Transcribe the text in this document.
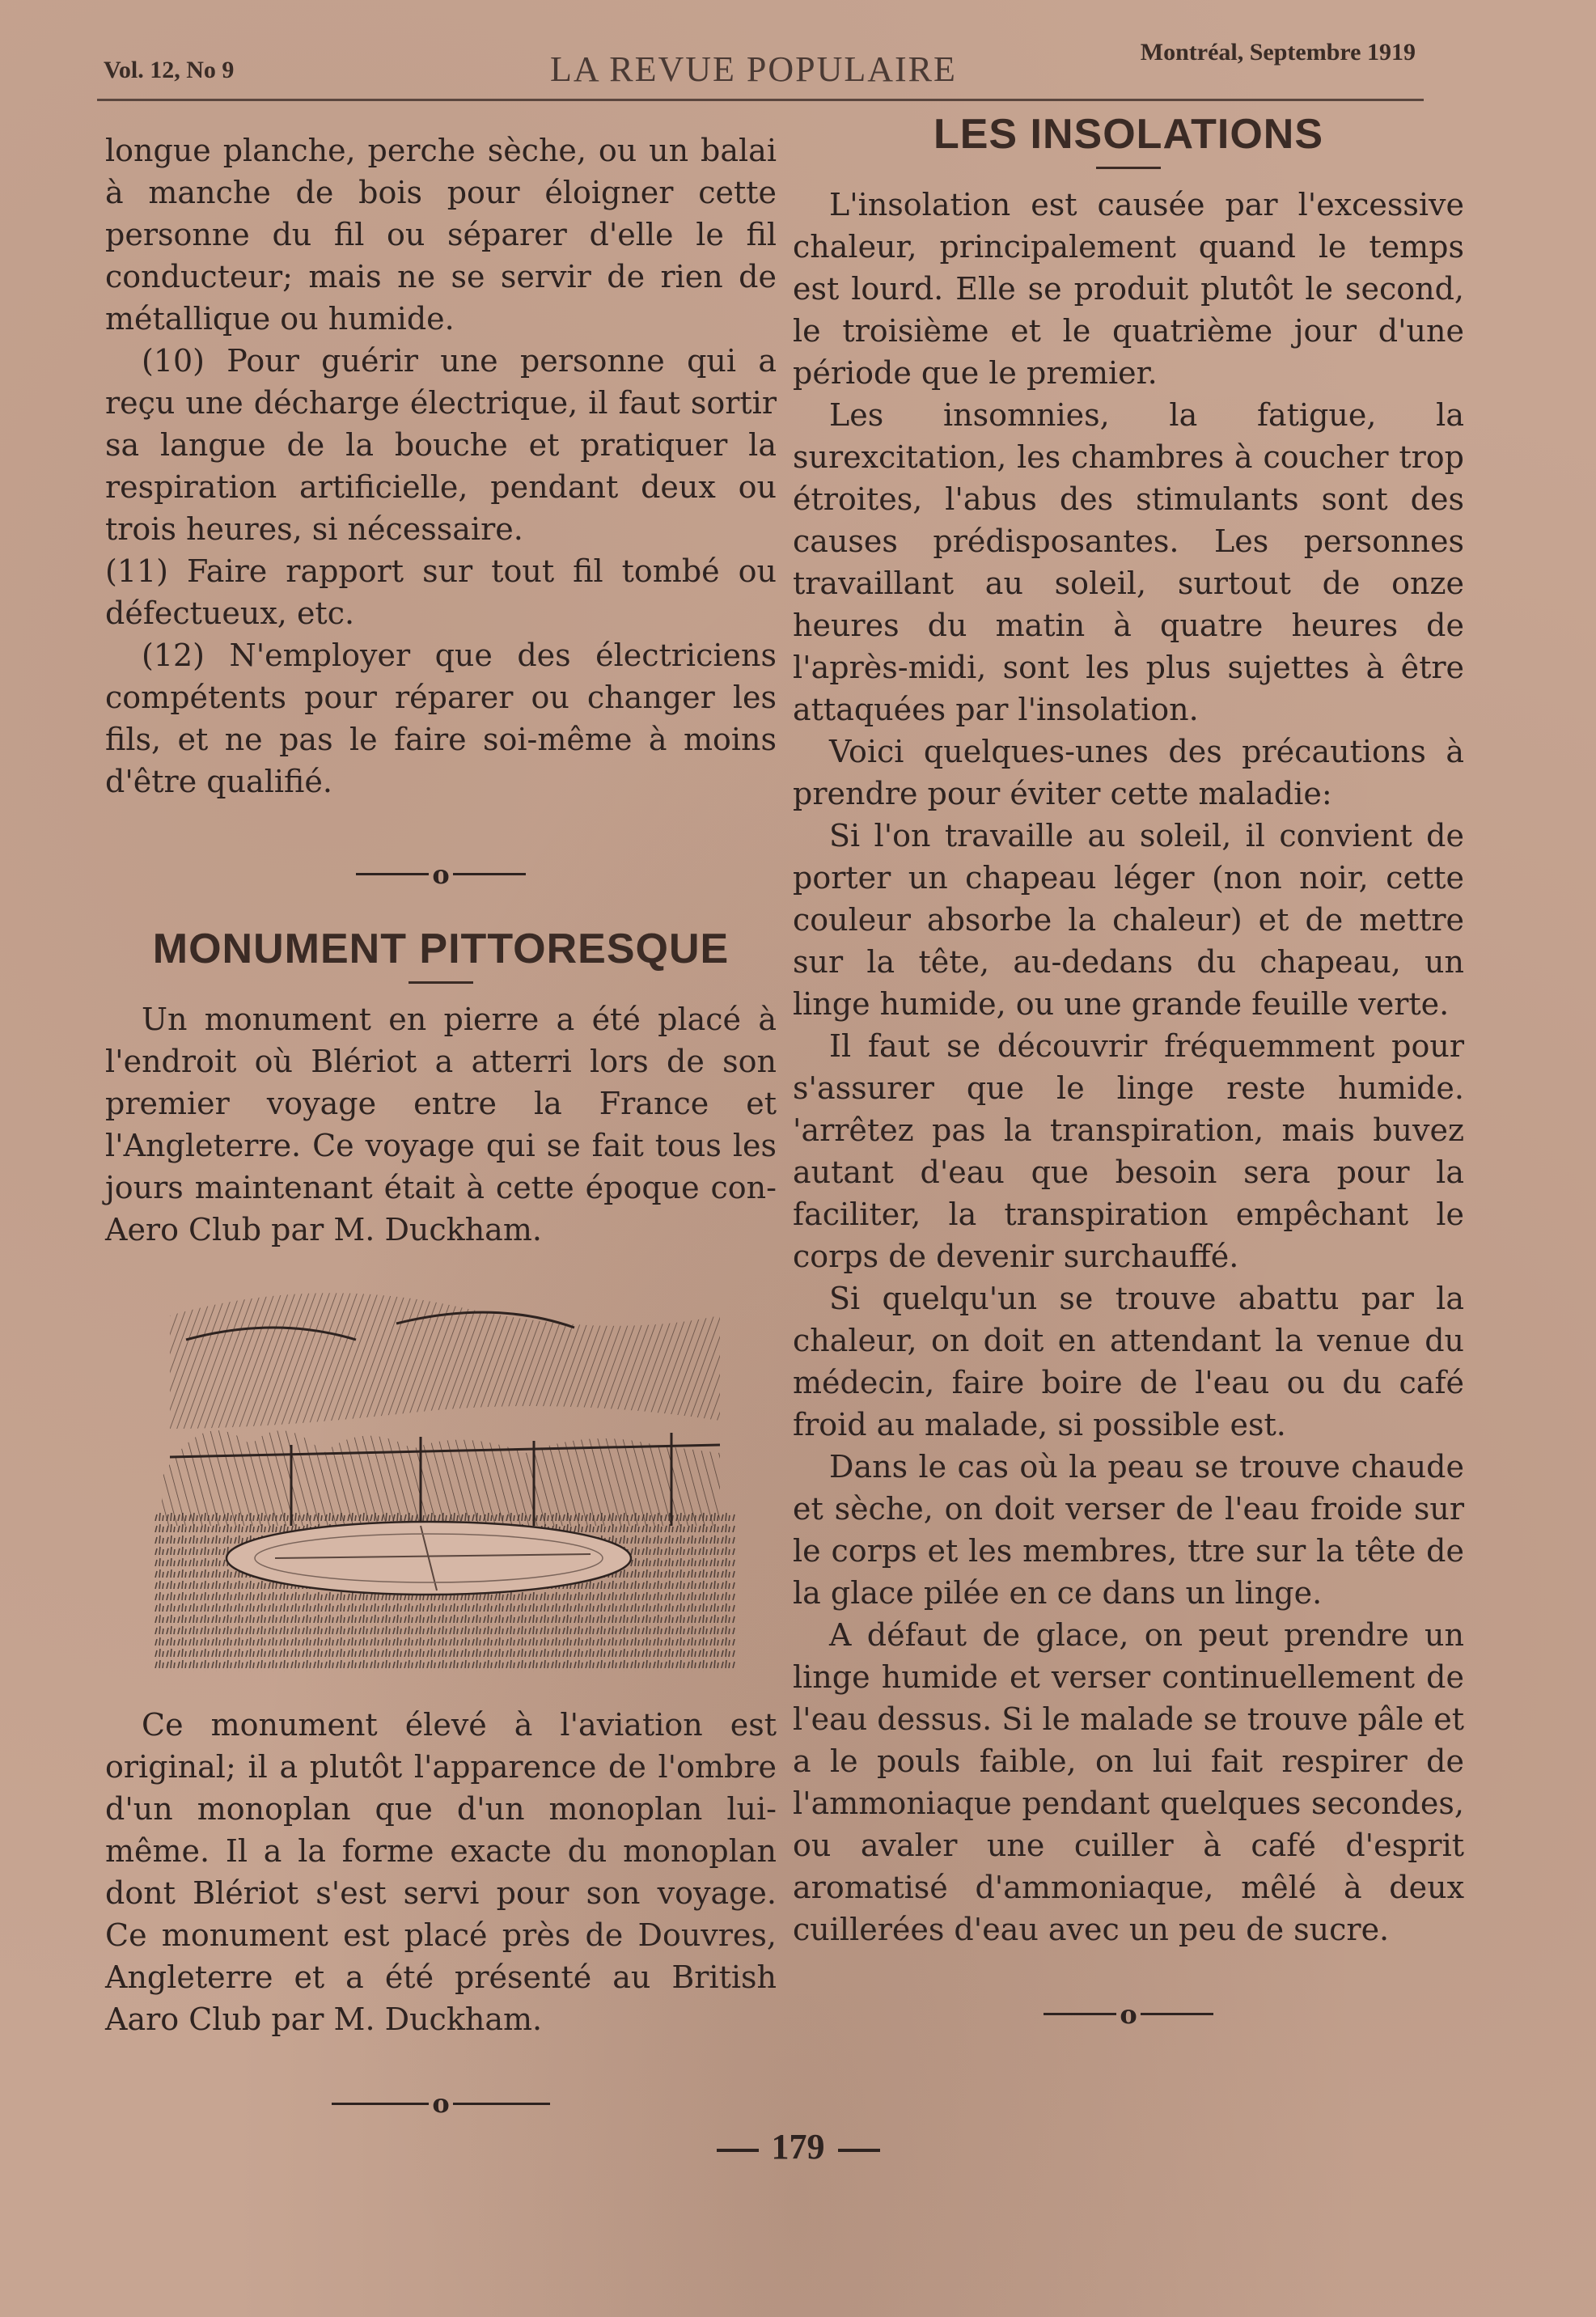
Vol. 12, No 9	LA REVUE POPULAIRE	Montréal, Septembre 1919

longue planche, perche sèche, ou un balai à manche de bois pour éloigner cette personne du fil ou séparer d'elle le fil conducteur; mais ne se servir de rien de métallique ou humide.

(10) Pour guérir une personne qui a reçu une décharge électrique, il faut sortir sa langue de la bouche et pratiquer la respiration artificielle, pendant deux ou trois heures, si nécessaire.

(11) Faire rapport sur tout fil tombé ou défectueux, etc.

(12) N'employer que des électriciens compétents pour réparer ou changer les fils, et ne pas le faire soi-même à moins d'être qualifié.

o
MONUMENT PITTORESQUE

Un monument en pierre a été placé à l'endroit où Blériot a atterri lors de son premier voyage entre la France et l'Angleterre. Ce voyage qui se fait tous les jours maintenant était à cette époque con- Aero Club par M. Duckham.

Ce monument élevé à l'aviation est original; il a plutôt l'apparence de l'ombre d'un monoplan que d'un monoplan lui-même. Il a la forme exacte du monoplan dont Blériot s'est servi pour son voyage. Ce monument est placé près de Douvres, Angleterre et a été présenté au British Aaro Club par M. Duckham.

o
LES INSOLATIONS

L'insolation est causée par l'excessive chaleur, principalement quand le temps est lourd. Elle se produit plutôt le second, le troisième et le quatrième jour d'une période que le premier.

Les insomnies, la fatigue, la surexcitation, les chambres à coucher trop étroites, l'abus des stimulants sont des causes prédisposantes. Les personnes travaillant au soleil, surtout de onze heures du matin à quatre heures de l'après-midi, sont les plus sujettes à être attaquées par l'insolation.

Voici quelques-unes des précautions à prendre pour éviter cette maladie:

Si l'on travaille au soleil, il convient de porter un chapeau léger (non noir, cette couleur absorbe la chaleur) et de mettre sur la tête, au-dedans du chapeau, un linge humide, ou une grande feuille verte.

Il faut se découvrir fréquemment pour s'assurer que le linge reste humide. 'arrêtez pas la transpiration, mais buvez autant d'eau que besoin sera pour la faciliter, la transpiration empêchant le corps de devenir surchauffé.

Si quelqu'un se trouve abattu par la chaleur, on doit en attendant la venue du médecin, faire boire de l'eau ou du café froid au malade, si possible est.

Dans le cas où la peau se trouve chaude et sèche, on doit verser de l'eau froide sur le corps et les membres, ttre sur la tête de la glace pilée en ce dans un linge.

A défaut de glace, on peut prendre un linge humide et verser continuellement de l'eau dessus. Si le malade se trouve pâle et a le pouls faible, on lui fait respirer de l'ammoniaque pendant quelques secondes, ou avaler une cuiller à café d'esprit aromatisé d'ammoniaque, mêlé à deux cuillerées d'eau avec un peu de sucre.

o
179
